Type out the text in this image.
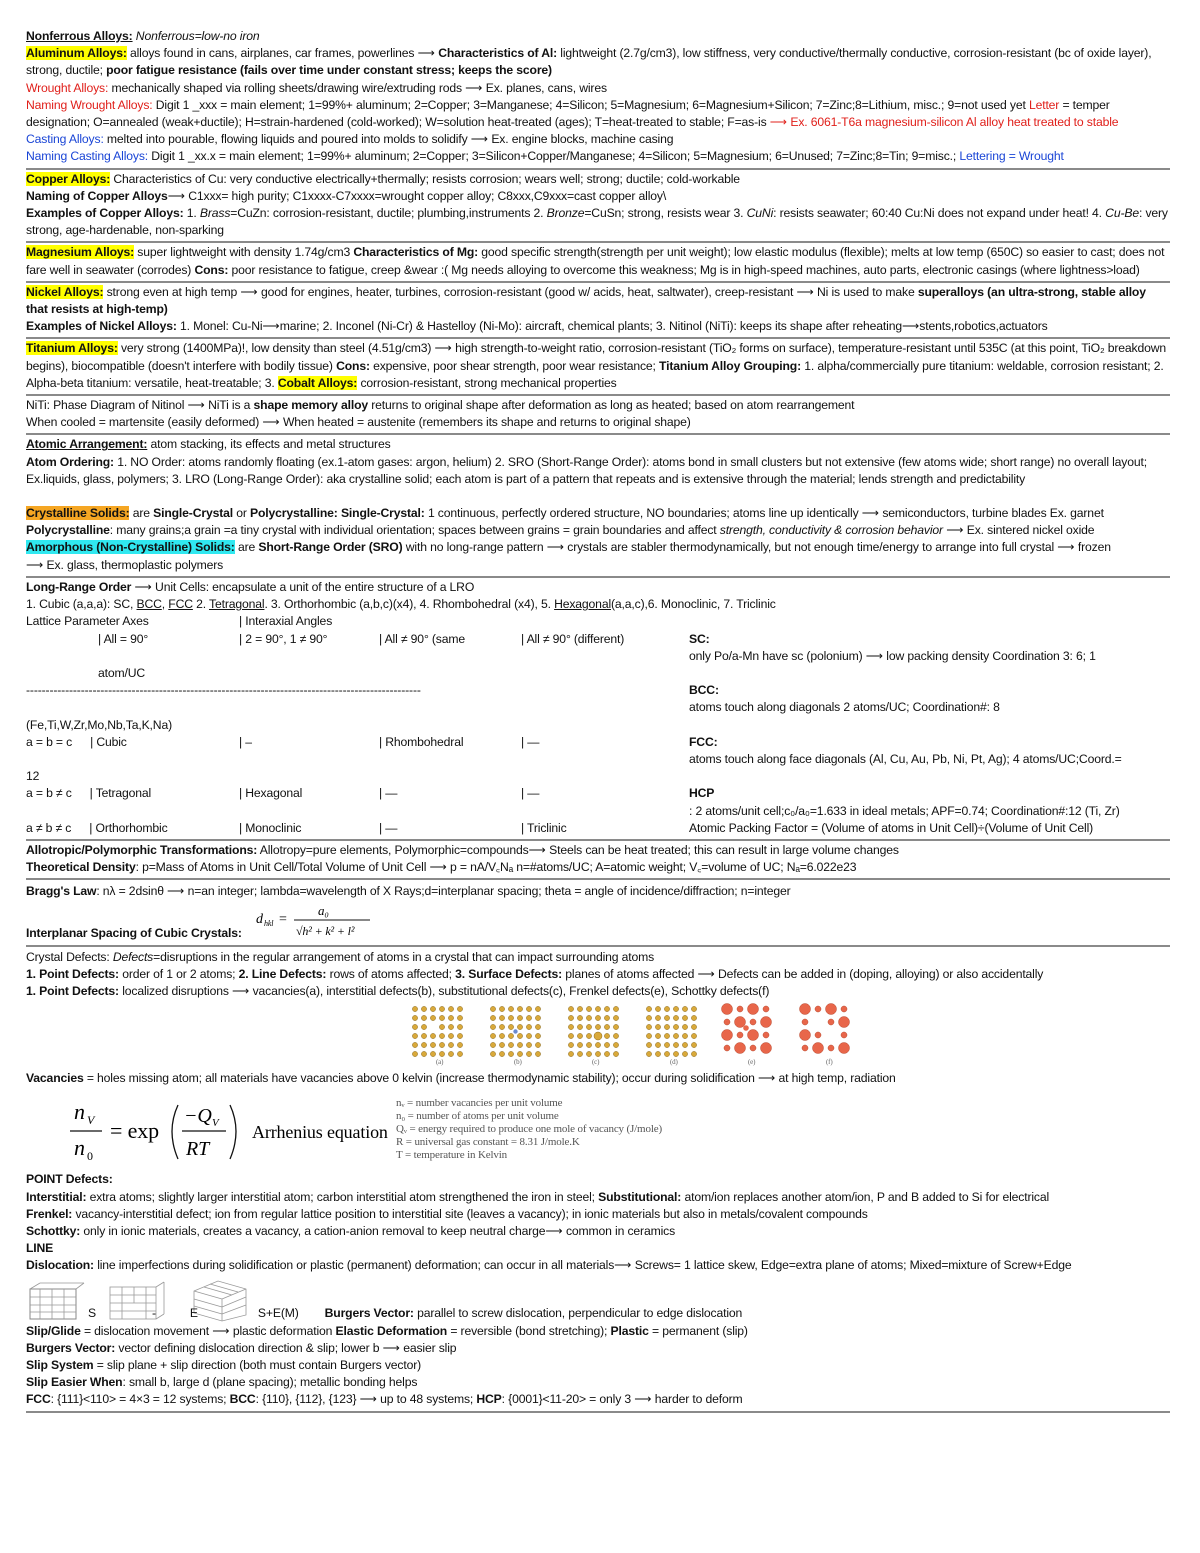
Nonferrous Alloys: Nonferrous=low-no iron

Aluminum Alloys: alloys found in cans, airplanes, car frames, powerlines ⟶ Characteristics of Al: lightweight (2.7g/cm3), low stiffness, very conductive/thermally conductive, corrosion-resistant (bc of oxide layer), strong, ductile; poor fatigue resistance (fails over time under constant stress; keeps the score)

Wrought Alloys: mechanically shaped via rolling sheets/drawing wire/extruding rods ⟶ Ex. planes, cans, wires

Naming Wrought Alloys: Digit 1 _xxx = main element; 1=99%+ aluminum; 2=Copper; 3=Manganese; 4=Silicon; 5=Magnesium; 6=Magnesium+Silicon; 7=Zinc;8=Lithium, misc.; 9=not used yet Letter = temper designation; O=annealed (weak+ductile); H=strain-hardened (cold-worked); W=solution heat-treated (ages); T=heat-treated to stable; F=as-is ⟶ Ex. 6061-T6a magnesium-silicon Al alloy heat treated to stable

Casting Alloys: melted into pourable, flowing liquids and poured into molds to solidify ⟶ Ex. engine blocks, machine casing

Naming Casting Alloys: Digit 1 _xx.x = main element; 1=99%+ aluminum; 2=Copper; 3=Silicon+Copper/Manganese; 4=Silicon; 5=Magnesium; 6=Unused; 7=Zinc;8=Tin; 9=misc.; Lettering = Wrought

Copper Alloys: Characteristics of Cu: very conductive electrically+thermally; resists corrosion; wears well; strong; ductile; cold-workable

Naming of Copper Alloys⟶ C1xxx= high purity; C1xxxx-C7xxxx=wrought copper alloy; C8xxx,C9xxx=cast copper alloy\

Examples of Copper Alloys: 1. Brass=CuZn: corrosion-resistant, ductile; plumbing,instruments 2. Bronze=CuSn; strong, resists wear 3. CuNi: resists seawater; 60:40 Cu:Ni does not expand under heat! 4. Cu-Be: very strong, age-hardenable, non-sparking

Magnesium Alloys: super lightweight with density 1.74g/cm3 Characteristics of Mg: good specific strength(strength per unit weight); low elastic modulus (flexible); melts at low temp (650C) so easier to cast; does not fare well in seawater (corrodes) Cons: poor resistance to fatigue, creep &wear :( Mg needs alloying to overcome this weakness; Mg is in high-speed machines, auto parts, electronic casings (where lightness>load)

Nickel Alloys: strong even at high temp ⟶ good for engines, heater, turbines, corrosion-resistant (good w/ acids, heat, saltwater), creep-resistant ⟶ Ni is used to make superalloys (an ultra-strong, stable alloy that resists at high-temp)

Examples of Nickel Alloys: 1. Monel: Cu-Ni⟶marine; 2. Inconel (Ni-Cr) & Hastelloy (Ni-Mo): aircraft, chemical plants; 3. Nitinol (NiTi): keeps its shape after reheating⟶stents,robotics,actuators

Titanium Alloys: very strong (1400MPa)!, low density than steel (4.51g/cm3) ⟶ high strength-to-weight ratio, corrosion-resistant (TiO₂ forms on surface), temperature-resistant until 535C (at this point, TiO₂ breakdown begins), biocompatible (doesn't interfere with bodily tissue) Cons: expensive, poor shear strength, poor wear resistance; Titanium Alloy Grouping: 1. alpha/commercially pure titanium: weldable, corrosion resistant; 2. Alpha-beta titanium: versatile, heat-treatable; 3. Cobalt Alloys: corrosion-resistant, strong mechanical properties

NiTi: Phase Diagram of Nitinol ⟶ NiTi is a shape memory alloy returns to original shape after deformation as long as heated; based on atom rearrangement

When cooled = martensite (easily deformed) ⟶ When heated = austenite (remembers its shape and returns to original shape)

Atomic Arrangement: atom stacking, its effects and metal structures

Atom Ordering: 1. NO Order: atoms randomly floating (ex.1-atom gases: argon, helium) 2. SRO (Short-Range Order): atoms bond in small clusters but not extensive (few atoms wide; short range) no overall layout; Ex.liquids, glass, polymers; 3. LRO (Long-Range Order): aka crystalline solid; each atom is part of a pattern that repeats and is extensive through the material; lends strength and predictability

Crystalline Solids: are Single-Crystal or Polycrystalline: Single-Crystal: 1 continuous, perfectly ordered structure, NO boundaries; atoms line up identically ⟶ semiconductors, turbine blades Ex. garnet Polycrystalline: many grains;a grain =a tiny crystal with individual orientation; spaces between grains = grain boundaries and affect strength, conductivity & corrosion behavior ⟶ Ex. sintered nickel oxide

Amorphous (Non-Crystalline) Solids: are Short-Range Order (SRO) with no long-range pattern ⟶ crystals are stabler thermodynamically, but not enough time/energy to arrange into full crystal ⟶ frozen

⟶ Ex. glass, thermoplastic polymers

Long-Range Order ⟶ Unit Cells: encapsulate a unit of the entire structure of a LRO

1. Cubic (a,a,a): SC, BCC, FCC 2. Tetragonal. 3. Orthorhombic (a,b,c)(x4), 4. Rhombohedral (x4), 5. Hexagonal(a,a,c),6. Monoclinic, 7. Triclinic

Lattice Parameter Axes	| Interaxial Angles
| All = 90°	| 2 = 90°, 1 ≠ 90°	| All ≠ 90° (same	| All ≠ 90° (different)	SC:
only Po/a-Mn have sc (polonium) ⟶ low packing density Coordination 3: 6; 1
atom/UC
-----------------------------------------------------------------------------------------------------	BCC:
atoms touch along diagonals 2 atoms/UC; Coordination#: 8
(Fe,Ti,W,Zr,Mo,Nb,Ta,K,Na)
a = b = c | Cubic	| –	| Rhombohedral	| —	FCC:
atoms touch along face diagonals (Al, Cu, Au, Pb, Ni, Pt, Ag); 4 atoms/UC;Coord.=
12
a = b ≠ c | Tetragonal	| Hexagonal	| —	| —	HCP
: 2 atoms/unit cell;c₀/a₀=1.633 in ideal metals; APF=0.74; Coordination#:12 (Ti, Zr)
a ≠ b ≠ c | Orthorhombic	| Monoclinic	| —	| Triclinic	Atomic Packing Factor = (Volume of atoms in Unit Cell)÷(Volume of Unit Cell)

Allotropic/Polymorphic Transformations: Allotropy=pure elements, Polymorphic=compounds⟶ Steels can be heat treated; this can result in large volume changes

Theoretical Density: p=Mass of Atoms in Unit Cell/Total Volume of Unit Cell ⟶ p = nA/V꜀Nₐ n=#atoms/UC; A=atomic weight; V꜀=volume of UC; Nₐ=6.022e23

Bragg's Law: nλ = 2dsinθ ⟶ n=an integer; lambda=wavelength of X Rays;d=interplanar spacing; theta = angle of incidence/diffraction; n=integer

Interplanar Spacing of Cubic Crystals:
d hkl =
a₀
√h² + k² + l²

Crystal Defects: Defects=disruptions in the regular arrangement of atoms in a crystal that can impact surrounding atoms

1. Point Defects: order of 1 or 2 atoms; 2. Line Defects: rows of atoms affected; 3. Surface Defects: planes of atoms affected ⟶ Defects can be added in (doping, alloying) or also accidentally

1. Point Defects: localized disruptions ⟶ vacancies(a), interstitial defects(b), substitutional defects(c), Frenkel defects(e), Schottky defects(f)

(a)	(b)	(c)	(d)	(e)	(f)

Vacancies = holes missing atom; all materials have vacancies above 0 kelvin (increase thermodynamic stability); occur during solidification ⟶ at high temp, radiation

n V
n 0
= exp
−Q V
RT
Arrhenius equation
nᵥ = number vacancies per unit volume
n₀ = number of atoms per unit volume
Qᵥ = energy required to produce one mole of vacancy (J/mole)
R = universal gas constant = 8.31 J/mole.K
T = temperature in Kelvin

POINT Defects:

Interstitial: extra atoms; slightly larger interstitial atom; carbon interstitial atom strengthened the iron in steel; Substitutional: atom/ion replaces another atom/ion, P and B added to Si for electrical

Frenkel: vacancy-interstitial defect; ion from regular lattice position to interstitial site (leaves a vacancy); in ionic materials but also in metals/covalent compounds

Schottky: only in ionic materials, creates a vacancy, a cation-anion removal to keep neutral charge⟶ common in ceramics

LINE

Dislocation: line imperfections during solidification or plastic (permanent) deformation; can occur in all materials⟶ Screws= 1 lattice skew, Edge=extra plane of atoms; Mixed=mixture of Screw+Edge

S	-	E	S+E(M) Burgers Vector: parallel to screw dislocation, perpendicular to edge dislocation

Slip/Glide = dislocation movement ⟶ plastic deformation Elastic Deformation = reversible (bond stretching); Plastic = permanent (slip)

Burgers Vector: vector defining dislocation direction & slip; lower b ⟶ easier slip

Slip System = slip plane + slip direction (both must contain Burgers vector)

Slip Easier When: small b, large d (plane spacing); metallic bonding helps

FCC: {111}<110> = 4×3 = 12 systems; BCC: {110}, {112}, {123} ⟶ up to 48 systems; HCP: {0001}<11-20> = only 3 ⟶ harder to deform
